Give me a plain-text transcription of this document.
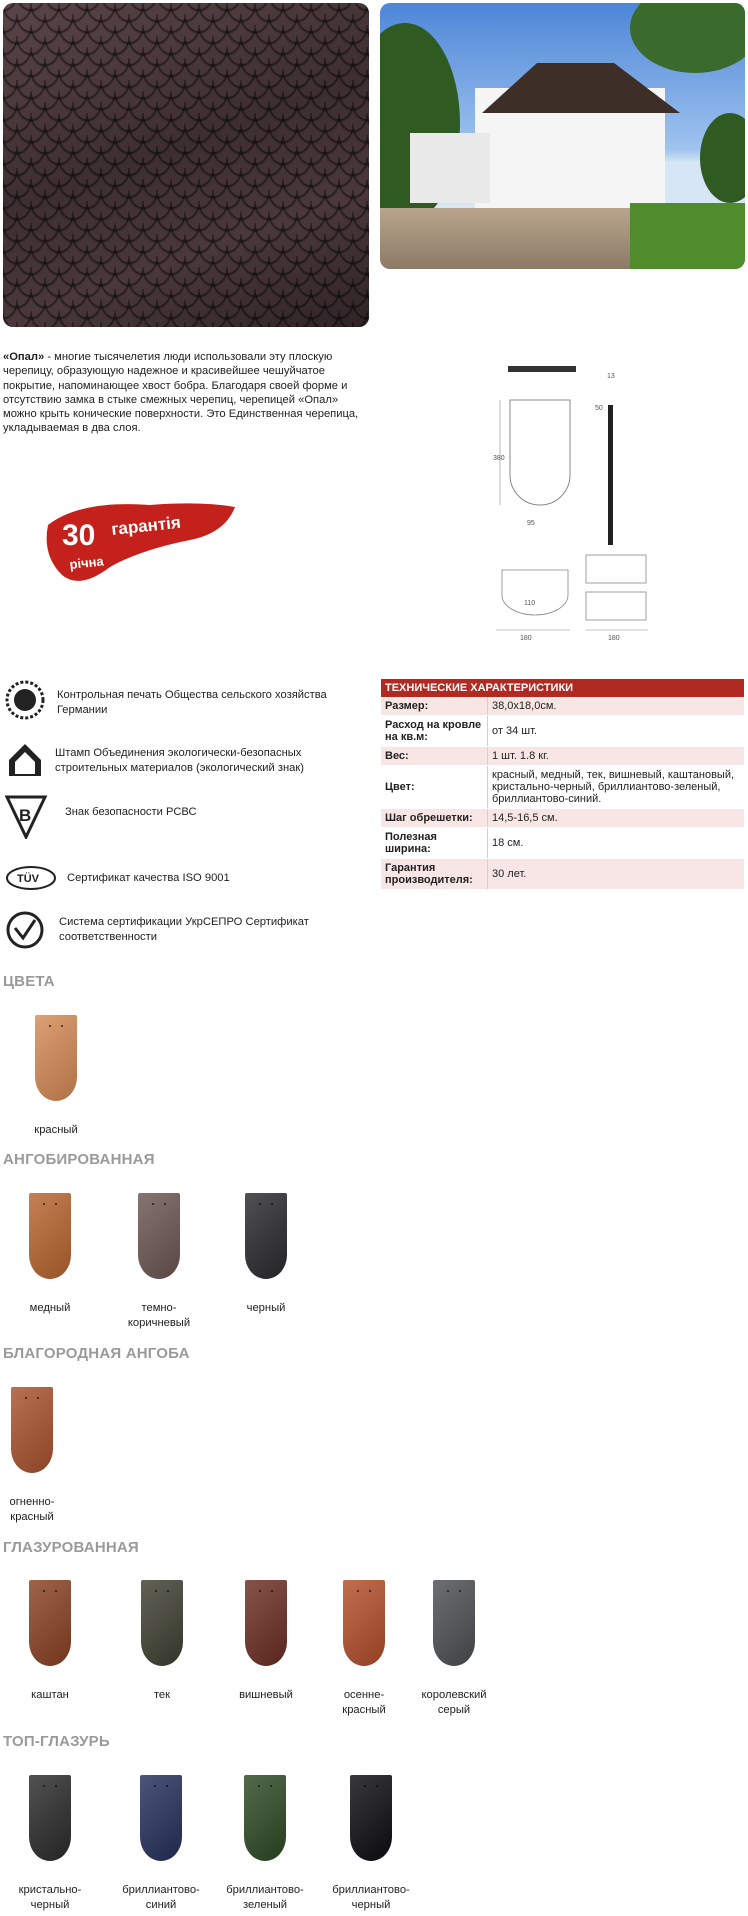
«Опал» - многие тысячелетия люди использовали эту плоскую черепицу, образующую надежное и красивейшее чешуйчатое покрытие, напоминающее хвост бобра. Благодаря своей форме и отсутствию замка в стыке смежных черепиц, черепицей «Опал» можно крыть конические поверхности. Это Единственная черепица, укладываемая в два слоя.
30 гарантія
річна
380
95
13
50
110
180	180
Контрольная печать Общества сельского хозяйства Германии
Штамп Объединения экологически-безопасных строительных материалов (экологический знак)
B	Знак безопасности РСВС
TÜV	Сертификат качества ISO 9001
Система сертификации УкрСЕПРО Сертификат соответственности
ТЕХНИЧЕСКИЕ ХАРАКТЕРИСТИКИ	
Размер:	38,0х18,0см.
Расход на кровле на кв.м:	от 34 шт.
Вес:	1 шт. 1.8 кг.
Цвет:	красный, медный, тек, вишневый, каштановый, кристально-черный, бриллиантово-зеленый, бриллиантово-синий.
Шаг обрешетки:	14,5-16,5 см.
Полезная ширина:	18 см.
Гарантия производителя:	30 лет.
ЦВЕТА
красный
АНГОБИРОВАННАЯ
медный	темно-коричневый
черный
БЛАГОРОДНАЯ АНГОБА
огненно-красный
ГЛАЗУРОВАННАЯ
каштан	тек	вишневый	осенне-красный
королевский серый
ТОП-ГЛАЗУРЬ
кристально-черный
бриллиантово-синий
бриллиантово-зеленый
бриллиантово-черный
